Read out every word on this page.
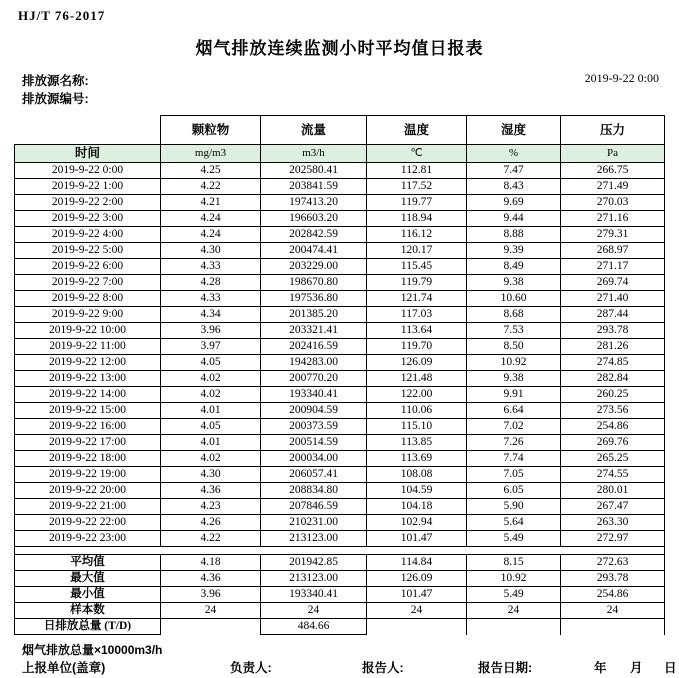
HJ/T 76-2017
烟气排放连续监测小时平均值日报表
排放源名称:	2019-9-22 0:00
排放源编号:
	颗粒物	流量	温度	湿度	压力
时间	mg/m3	m3/h	℃	%	Pa
2019-9-22 0:00	4.25	202580.41	112.81	7.47	266.75
2019-9-22 1:00	4.22	203841.59	117.52	8.43	271.49
2019-9-22 2:00	4.21	197413.20	119.77	9.69	270.03
2019-9-22 3:00	4.24	196603.20	118.94	9.44	271.16
2019-9-22 4:00	4.24	202842.59	116.12	8.88	279.31
2019-9-22 5:00	4.30	200474.41	120.17	9.39	268.97
2019-9-22 6:00	4.33	203229.00	115.45	8.49	271.17
2019-9-22 7:00	4.28	198670.80	119.79	9.38	269.74
2019-9-22 8:00	4.33	197536.80	121.74	10.60	271.40
2019-9-22 9:00	4.34	201385.20	117.03	8.68	287.44
2019-9-22 10:00	3.96	203321.41	113.64	7.53	293.78
2019-9-22 11:00	3.97	202416.59	119.70	8.50	281.26
2019-9-22 12:00	4.05	194283.00	126.09	10.92	274.85
2019-9-22 13:00	4.02	200770.20	121.48	9.38	282.84
2019-9-22 14:00	4.02	193340.41	122.00	9.91	260.25
2019-9-22 15:00	4.01	200904.59	110.06	6.64	273.56
2019-9-22 16:00	4.05	200373.59	115.10	7.02	254.86
2019-9-22 17:00	4.01	200514.59	113.85	7.26	269.76
2019-9-22 18:00	4.02	200034.00	113.69	7.74	265.25
2019-9-22 19:00	4.30	206057.41	108.08	7.05	274.55
2019-9-22 20:00	4.36	208834.80	104.59	6.05	280.01
2019-9-22 21:00	4.23	207846.59	104.18	5.90	267.47
2019-9-22 22:00	4.26	210231.00	102.94	5.64	263.30
2019-9-22 23:00	4.22	213123.00	101.47	5.49	272.97

平均值	4.18	201942.85	114.84	8.15	272.63
最大值	4.36	213123.00	126.09	10.92	293.78
最小值	3.96	193340.41	101.47	5.49	254.86
样本数	24	24	24	24	24
日排放总量 (T/D)		484.66			
烟气排放总量×10000m3/h
上报单位(盖章)	负责人:	报告人:	报告日期:	年 月 日
